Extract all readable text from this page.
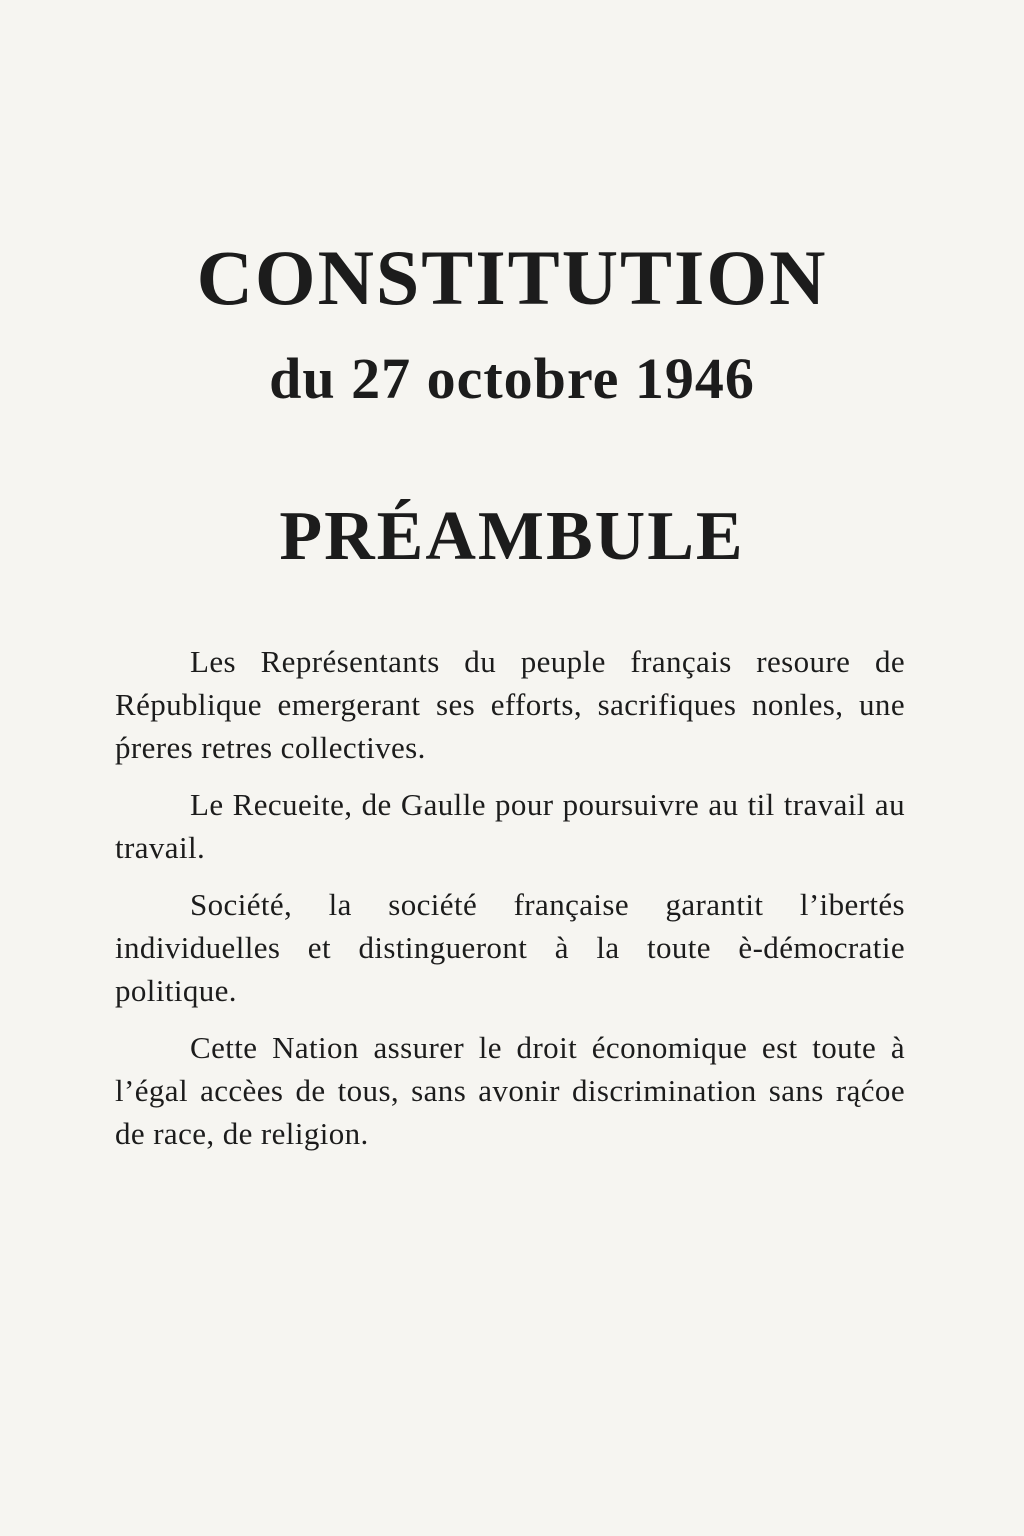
CONSTITUTION
du 27 octobre 1946
PRÉAMBULE

Les Représentants du peuple français resoure de République emergerant ses efforts, sacrifiques nonles, une ṕreres retres collectives.

Le Recueite, de Gaulle pour poursuivre au til travail au travail.

Société, la société française garantit l’ibertés individuelles et distingueront à la toute è-démocratie politique.

Cette Nation assurer le droit économique est toute à l’égal accèes de tous, sans avonir discrimination sans rąćoe de race, de religion.
